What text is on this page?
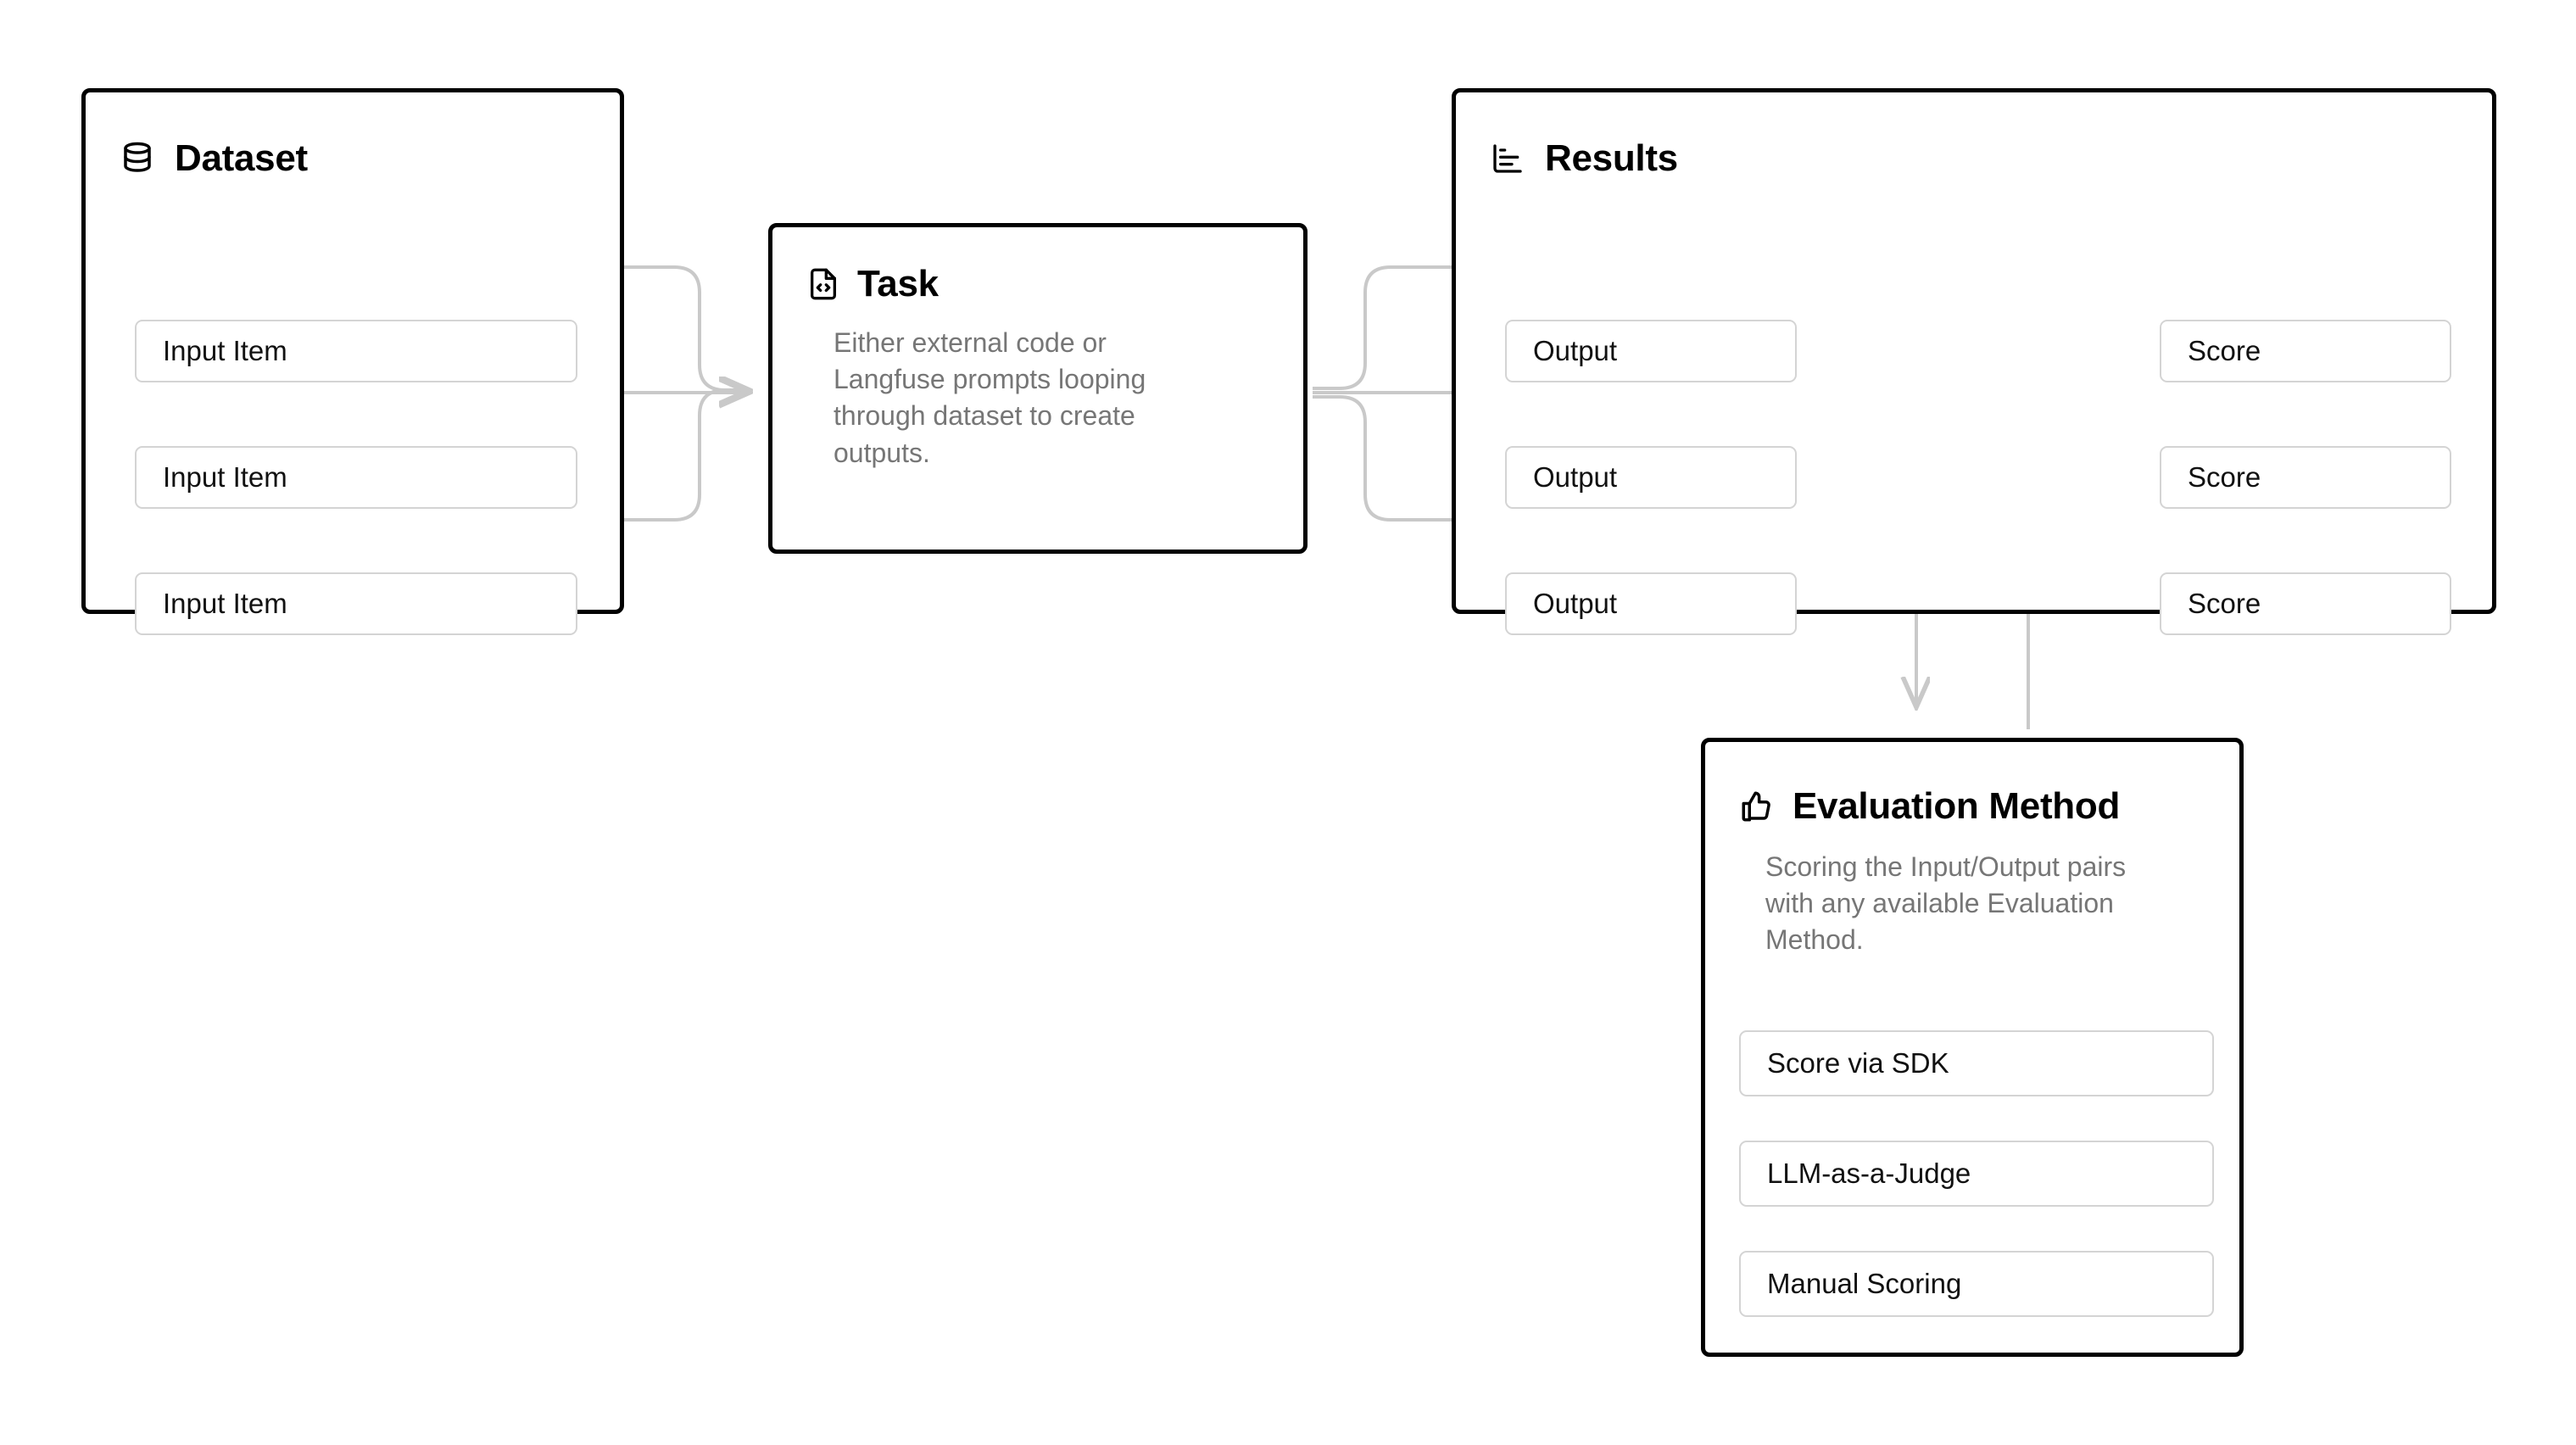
Dataset
Input Item
Input Item
Input Item
Task
Either external code or Langfuse prompts looping through dataset to create outputs.
Results
Output
Output
Output
Score
Score
Score
Evaluation Method
Scoring the Input/Output pairs with any available Evaluation Method.
Score via SDK
LLM-as-a-Judge
Manual Scoring
